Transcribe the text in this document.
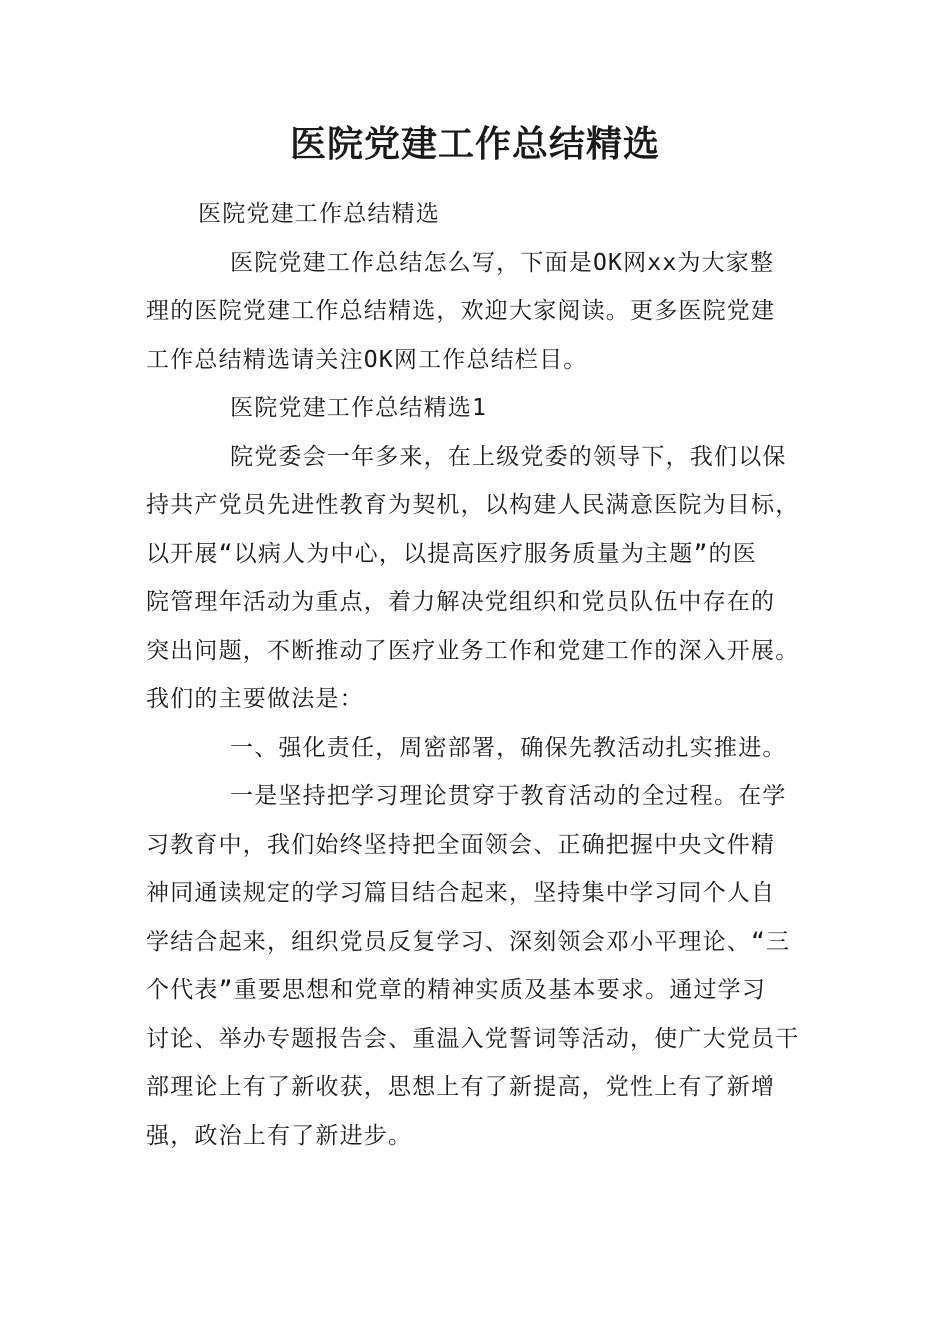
医院党建工作总结精选

医院党建工作总结精选

医院党建工作总结怎么写，下面是OK网xx为大家整

理的医院党建工作总结精选，欢迎大家阅读。更多医院党建

工作总结精选请关注OK网工作总结栏目。

医院党建工作总结精选1

院党委会一年多来，在上级党委的领导下，我们以保

持共产党员先进性教育为契机，以构建人民满意医院为目标，

以开展“以病人为中心，以提高医疗服务质量为主题”的医

院管理年活动为重点，着力解决党组织和党员队伍中存在的

突出问题，不断推动了医疗业务工作和党建工作的深入开展。

我们的主要做法是：

一、强化责任，周密部署，确保先教活动扎实推进。

一是坚持把学习理论贯穿于教育活动的全过程。在学

习教育中，我们始终坚持把全面领会、正确把握中央文件精

神同通读规定的学习篇目结合起来，坚持集中学习同个人自

学结合起来，组织党员反复学习、深刻领会邓小平理论、“三

个代表”重要思想和党章的精神实质及基本要求。通过学习

讨论、举办专题报告会、重温入党誓词等活动，使广大党员干

部理论上有了新收获，思想上有了新提高，党性上有了新增

强，政治上有了新进步。
